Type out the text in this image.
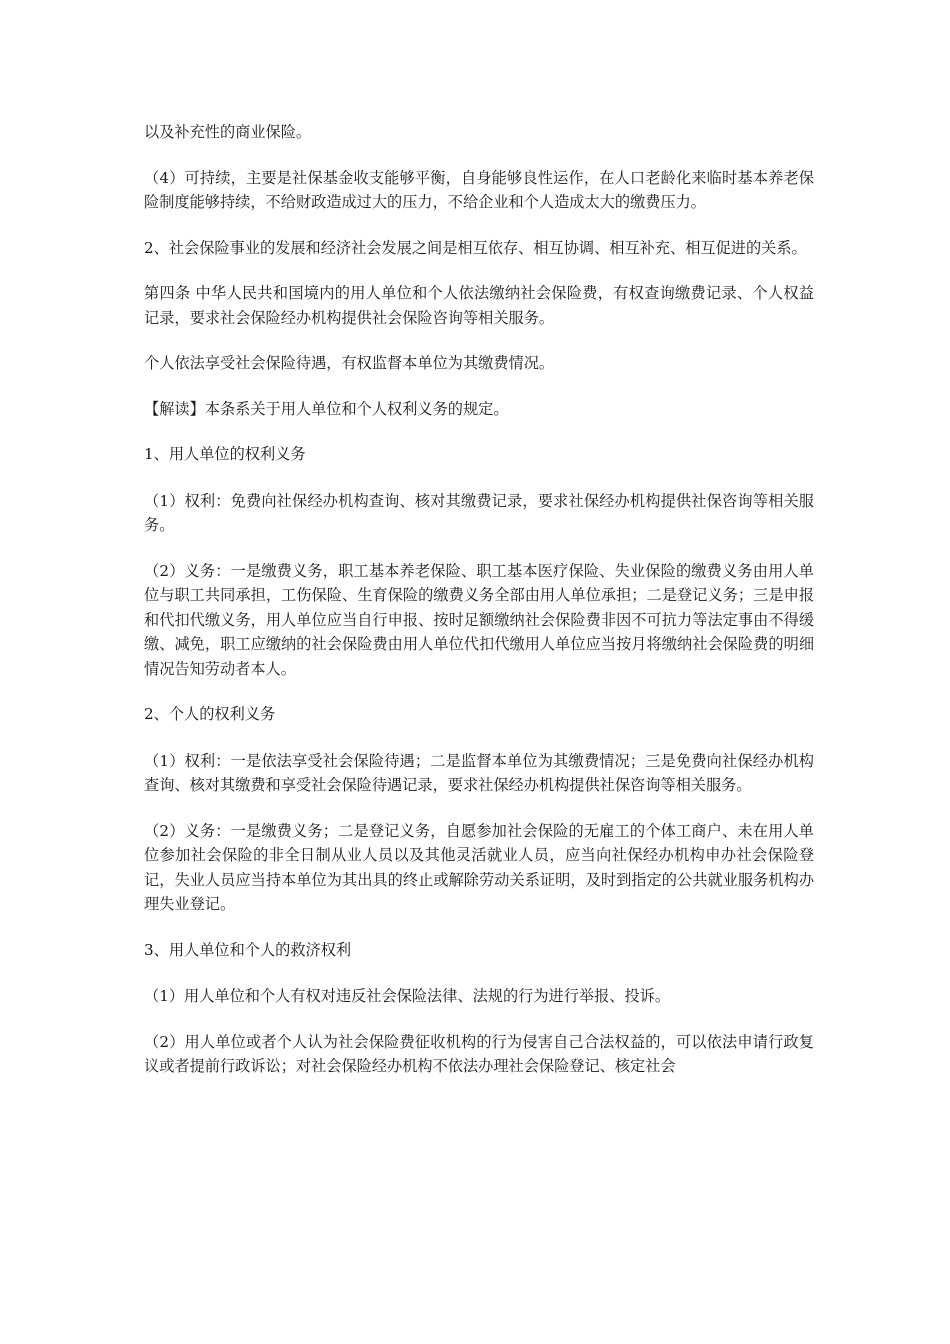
以及补充性的商业保险。

（4）可持续，主要是社保基金收支能够平衡，自身能够良性运作，在人口老龄化来临时基本养老保险制度能够持续，不给财政造成过大的压力，不给企业和个人造成太大的缴费压力。

2、社会保险事业的发展和经济社会发展之间是相互依存、相互协调、相互补充、相互促进的关系。

第四条 中华人民共和国境内的用人单位和个人依法缴纳社会保险费，有权查询缴费记录、个人权益记录，要求社会保险经办机构提供社会保险咨询等相关服务。

个人依法享受社会保险待遇，有权监督本单位为其缴费情况。

【解读】本条系关于用人单位和个人权利义务的规定。

1、用人单位的权利义务

（1）权利：免费向社保经办机构查询、核对其缴费记录，要求社保经办机构提供社保咨询等相关服务。

（2）义务：一是缴费义务，职工基本养老保险、职工基本医疗保险、失业保险的缴费义务由用人单位与职工共同承担，工伤保险、生育保险的缴费义务全部由用人单位承担；二是登记义务；三是申报和代扣代缴义务，用人单位应当自行申报、按时足额缴纳社会保险费非因不可抗力等法定事由不得缓缴、减免，职工应缴纳的社会保险费由用人单位代扣代缴用人单位应当按月将缴纳社会保险费的明细情况告知劳动者本人。

2、个人的权利义务

（1）权利：一是依法享受社会保险待遇；二是监督本单位为其缴费情况；三是免费向社保经办机构查询、核对其缴费和享受社会保险待遇记录，要求社保经办机构提供社保咨询等相关服务。

（2）义务：一是缴费义务；二是登记义务，自愿参加社会保险的无雇工的个体工商户、未在用人单位参加社会保险的非全日制从业人员以及其他灵活就业人员，应当向社保经办机构申办社会保险登记，失业人员应当持本单位为其出具的终止或解除劳动关系证明，及时到指定的公共就业服务机构办理失业登记。

3、用人单位和个人的救济权利

（1）用人单位和个人有权对违反社会保险法律、法规的行为进行举报、投诉。

（2）用人单位或者个人认为社会保险费征收机构的行为侵害自己合法权益的，可以依法申请行政复议或者提前行政诉讼；对社会保险经办机构不依法办理社会保险登记、核定社会
